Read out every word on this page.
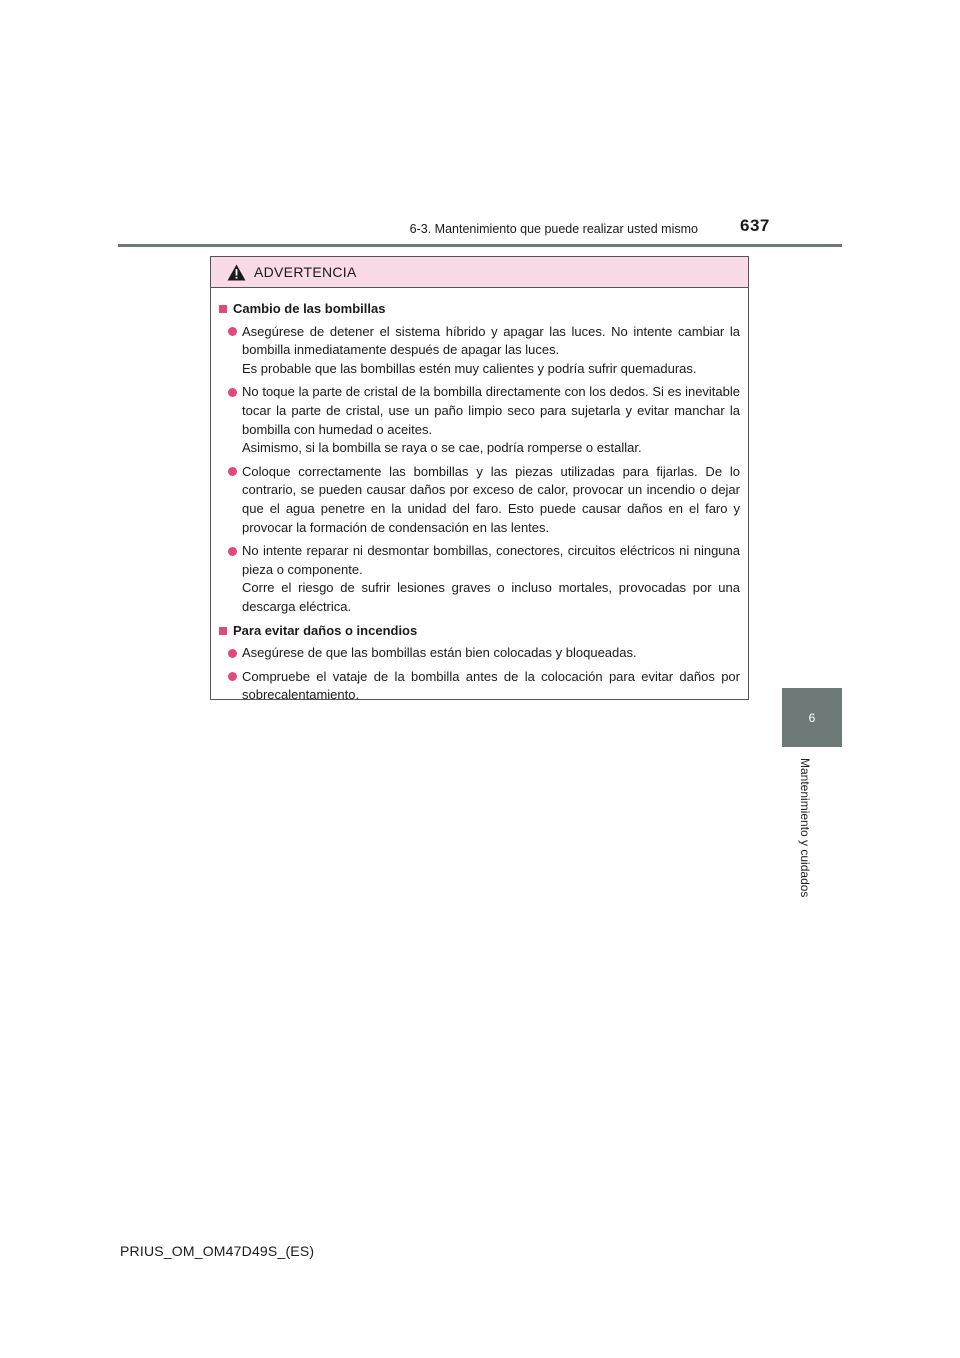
6-3. Mantenimiento que puede realizar usted mismo 637
6
Mantenimiento y cuidados
ADVERTENCIA
Cambio de las bombillas
Asegúrese de detener el sistema híbrido y apagar las luces. No intente cambiar la bombilla inmediatamente después de apagar las luces.
Es probable que las bombillas estén muy calientes y podría sufrir quemaduras.
No toque la parte de cristal de la bombilla directamente con los dedos. Si es inevitable tocar la parte de cristal, use un paño limpio seco para sujetarla y evitar manchar la bombilla con humedad o aceites.
Asimismo, si la bombilla se raya o se cae, podría romperse o estallar.
Coloque correctamente las bombillas y las piezas utilizadas para fijarlas. De lo contrario, se pueden causar daños por exceso de calor, provocar un incendio o dejar que el agua penetre en la unidad del faro. Esto puede causar daños en el faro y provocar la formación de condensación en las lentes.
No intente reparar ni desmontar bombillas, conectores, circuitos eléctricos ni ninguna pieza o componente.
Corre el riesgo de sufrir lesiones graves o incluso mortales, provocadas por una descarga eléctrica.
Para evitar daños o incendios
Asegúrese de que las bombillas están bien colocadas y bloqueadas.
Compruebe el vataje de la bombilla antes de la colocación para evitar daños por sobrecalentamiento.
PRIUS_OM_OM47D49S_(ES)
